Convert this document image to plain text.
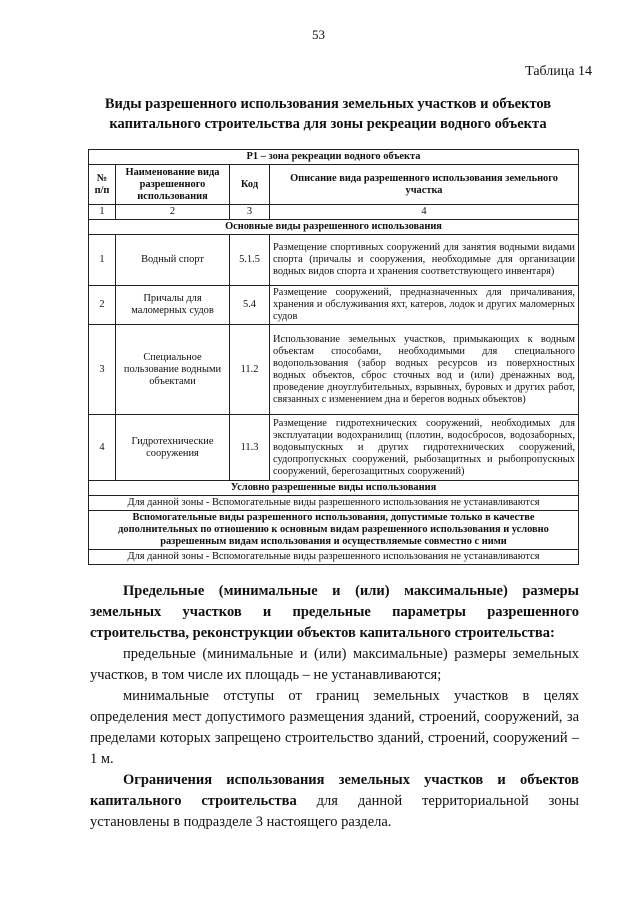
53
Таблица 14
Виды разрешенного использования земельных участков и объектов капитального строительства для зоны рекреации водного объекта
Р1 – зона рекреации водного объекта			
№ п/п	Наименование вида разрешенного использования	Код	Описание вида разрешенного использования земельного участка
1	2	3	4
Основные виды разрешенного использования			
1	Водный спорт	5.1.5	Размещение спортивных сооружений для занятия водными видами спорта (причалы и сооружения, необходимые для организации водных видов спорта и хранения соответствующего инвентаря)
2	Причалы для маломерных судов	5.4	Размещение сооружений, предназначенных для причаливания, хранения и обслуживания яхт, катеров, лодок и других маломерных судов
3	Специальное пользование водными объектами	11.2	Использование земельных участков, примыкающих к водным объектам способами, необходимыми для специального водопользования (забор водных ресурсов из поверхностных водных объектов, сброс сточных вод и (или) дренажных вод, проведение дноуглубительных, взрывных, буровых и других работ, связанных с изменением дна и берегов водных объектов)
4	Гидротехнические сооружения	11.3	Размещение гидротехнических сооружений, необходимых для эксплуатации водохранилищ (плотин, водосбросов, водозаборных, водовыпускных и других гидротехнических сооружений, судопропускных сооружений, рыбозащитных и рыбопропускных сооружений, берегозащитных сооружений)
Условно разрешенные виды использования			
Для данной зоны - Вспомогательные виды разрешенного использования не устанавливаются			
Вспомогательные виды разрешенного использования, допустимые только в качестве дополнительных по отношению к основным видам разрешенного использования и условно разрешенным видам использования и осуществляемые совместно с ними			
Для данной зоны - Вспомогательные виды разрешенного использования не устанавливаются			

Предельные (минимальные и (или) максимальные) размеры земельных участков и предельные параметры разрешенного строительства, реконструкции объектов капитального строительства:

предельные (минимальные и (или) максимальные) размеры земельных участков, в том числе их площадь – не устанавливаются;

минимальные отступы от границ земельных участков в целях определения мест допустимого размещения зданий, строений, сооружений, за пределами которых запрещено строительство зданий, строений, сооружений – 1 м.

Ограничения использования земельных участков и объектов капитального строительства для данной территориальной зоны установлены в подразделе 3 настоящего раздела.
